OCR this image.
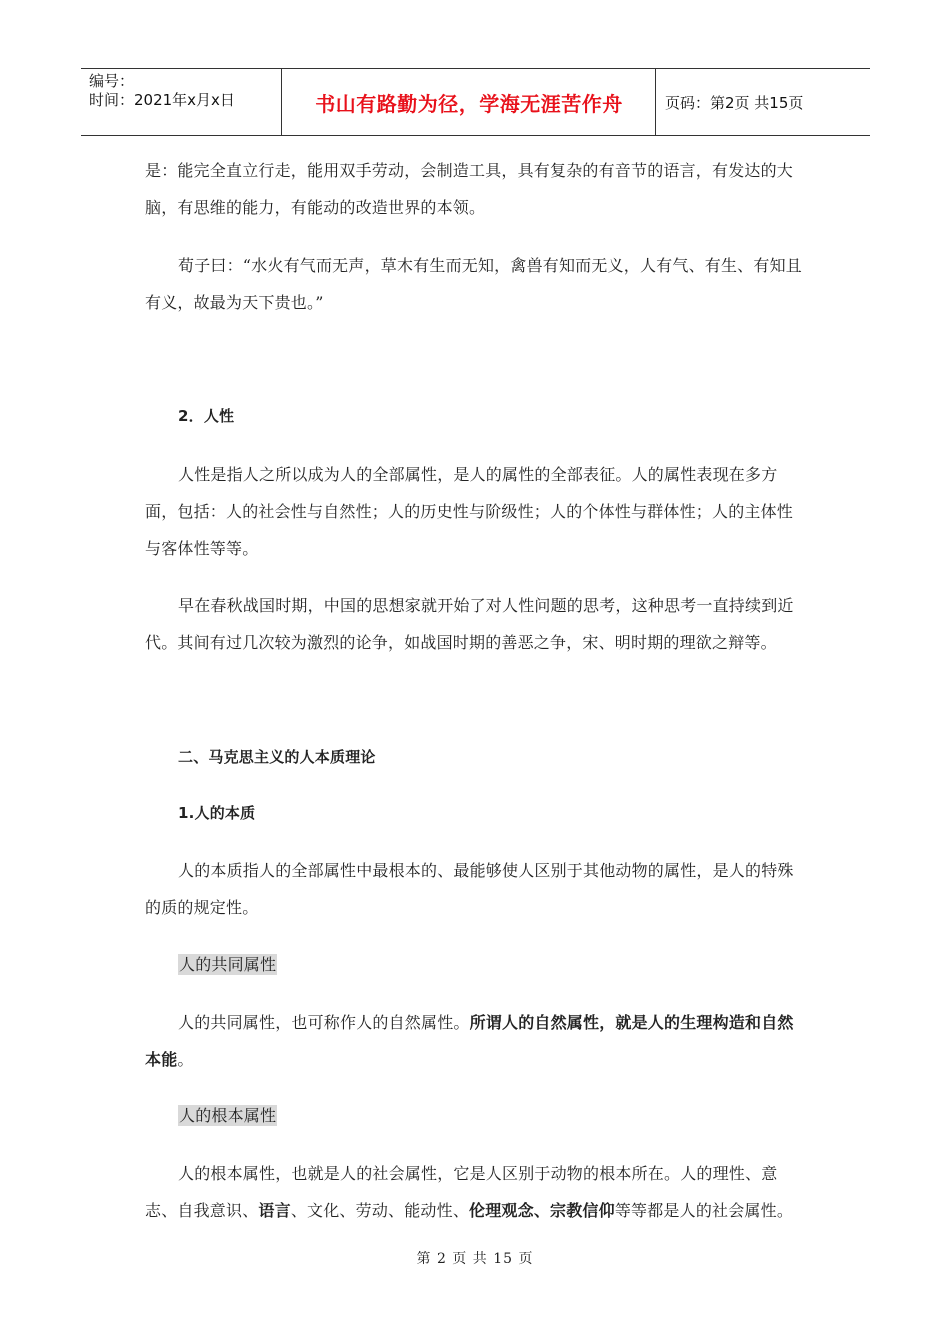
编号：
时间：2021年x月x日	书山有路勤为径，学海无涯苦作舟	页码：第2页 共15页

是：能完全直立行走，能用双手劳动，会制造工具，具有复杂的有音节的语言，有发达的大脑，有思维的能力，有能动的改造世界的本领。

荀子曰：“水火有气而无声，草木有生而无知，禽兽有知而无义，人有气、有生、有知且有义，故最为天下贵也。”

2．人性

人性是指人之所以成为人的全部属性，是人的属性的全部表征。人的属性表现在多方面，包括：人的社会性与自然性；人的历史性与阶级性；人的个体性与群体性；人的主体性与客体性等等。

早在春秋战国时期，中国的思想家就开始了对人性问题的思考，这种思考一直持续到近代。其间有过几次较为激烈的论争，如战国时期的善恶之争，宋、明时期的理欲之辩等。

二、马克思主义的人本质理论

1.人的本质

人的本质指人的全部属性中最根本的、最能够使人区别于其他动物的属性，是人的特殊的质的规定性。

人的共同属性

人的共同属性，也可称作人的自然属性。所谓人的自然属性，就是人的生理构造和自然本能。

人的根本属性

人的根本属性，也就是人的社会属性，它是人区别于动物的根本所在。人的理性、意志、自我意识、语言、文化、劳动、能动性、伦理观念、宗教信仰等等都是人的社会属性。

第 2 页 共 15 页
